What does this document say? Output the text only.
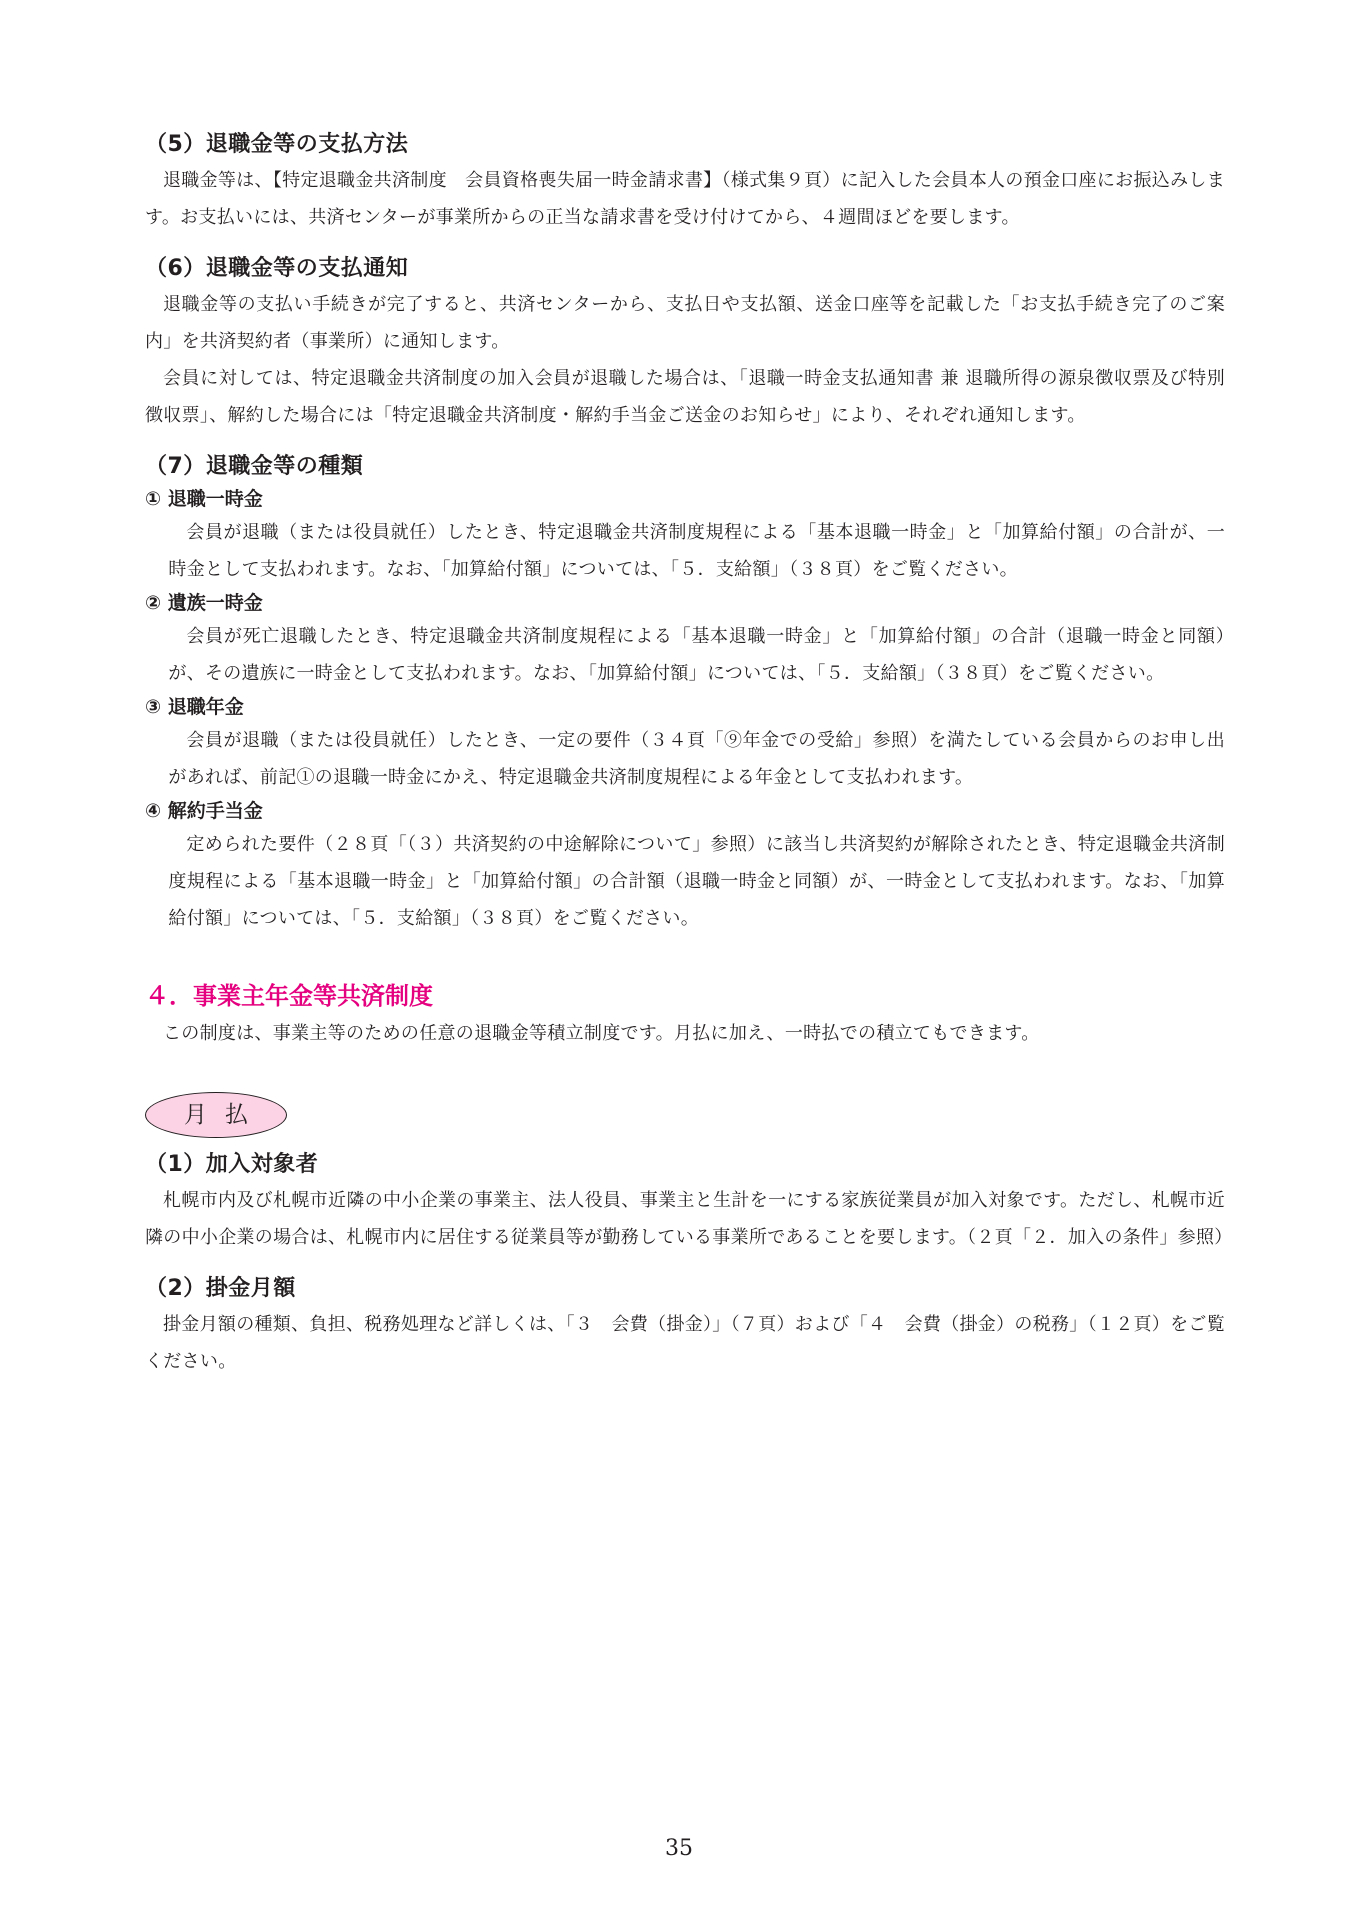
（5）退職金等の支払方法

退職金等は、【特定退職金共済制度　会員資格喪失届一時金請求書】（様式集９頁）に記入した会員本人の預金口座にお振込みします。お支払いには、共済センターが事業所からの正当な請求書を受け付けてから、４週間ほどを要します。

（6）退職金等の支払通知

退職金等の支払い手続きが完了すると、共済センターから、支払日や支払額、送金口座等を記載した「お支払手続き完了のご案内」を共済契約者（事業所）に通知します。

会員に対しては、特定退職金共済制度の加入会員が退職した場合は、「退職一時金支払通知書 兼 退職所得の源泉徴収票及び特別徴収票」、解約した場合には「特定退職金共済制度・解約手当金ご送金のお知らせ」により、それぞれ通知します。

（7）退職金等の種類
① 退職一時金

会員が退職（または役員就任）したとき、特定退職金共済制度規程による「基本退職一時金」と「加算給付額」の合計が、一時金として支払われます。なお、「加算給付額」については、「５．支給額」（３８頁）をご覧ください。

② 遺族一時金

会員が死亡退職したとき、特定退職金共済制度規程による「基本退職一時金」と「加算給付額」の合計（退職一時金と同額）　が、その遺族に一時金として支払われます。なお、「加算給付額」については、「５．支給額」（３８頁）をご覧ください。

③ 退職年金

会員が退職（または役員就任）したとき、一定の要件（３４頁「⑨年金での受給」参照）を満たしている会員からのお申し出があれば、前記①の退職一時金にかえ、特定退職金共済制度規程による年金として支払われます。

④ 解約手当金

定められた要件（２８頁「（３）共済契約の中途解除について」参照）に該当し共済契約が解除されたとき、特定退職金共済制度規程による「基本退職一時金」と「加算給付額」の合計額（退職一時金と同額）が、一時金として支払われます。なお、「加算給付額」については、「５．支給額」（３８頁）をご覧ください。

４．事業主年金等共済制度

この制度は、事業主等のための任意の退職金等積立制度です。月払に加え、一時払での積立てもできます。

月払
（1）加入対象者

札幌市内及び札幌市近隣の中小企業の事業主、法人役員、事業主と生計を一にする家族従業員が加入対象です。ただし、札幌市近隣の中小企業の場合は、札幌市内に居住する従業員等が勤務している事業所であることを要します。（２頁「２．加入の条件」参照）

（2）掛金月額

掛金月額の種類、負担、税務処理など詳しくは、「３　会費（掛金）」（７頁）および「４　会費（掛金）の税務」（１２頁）をご覧ください。

35
